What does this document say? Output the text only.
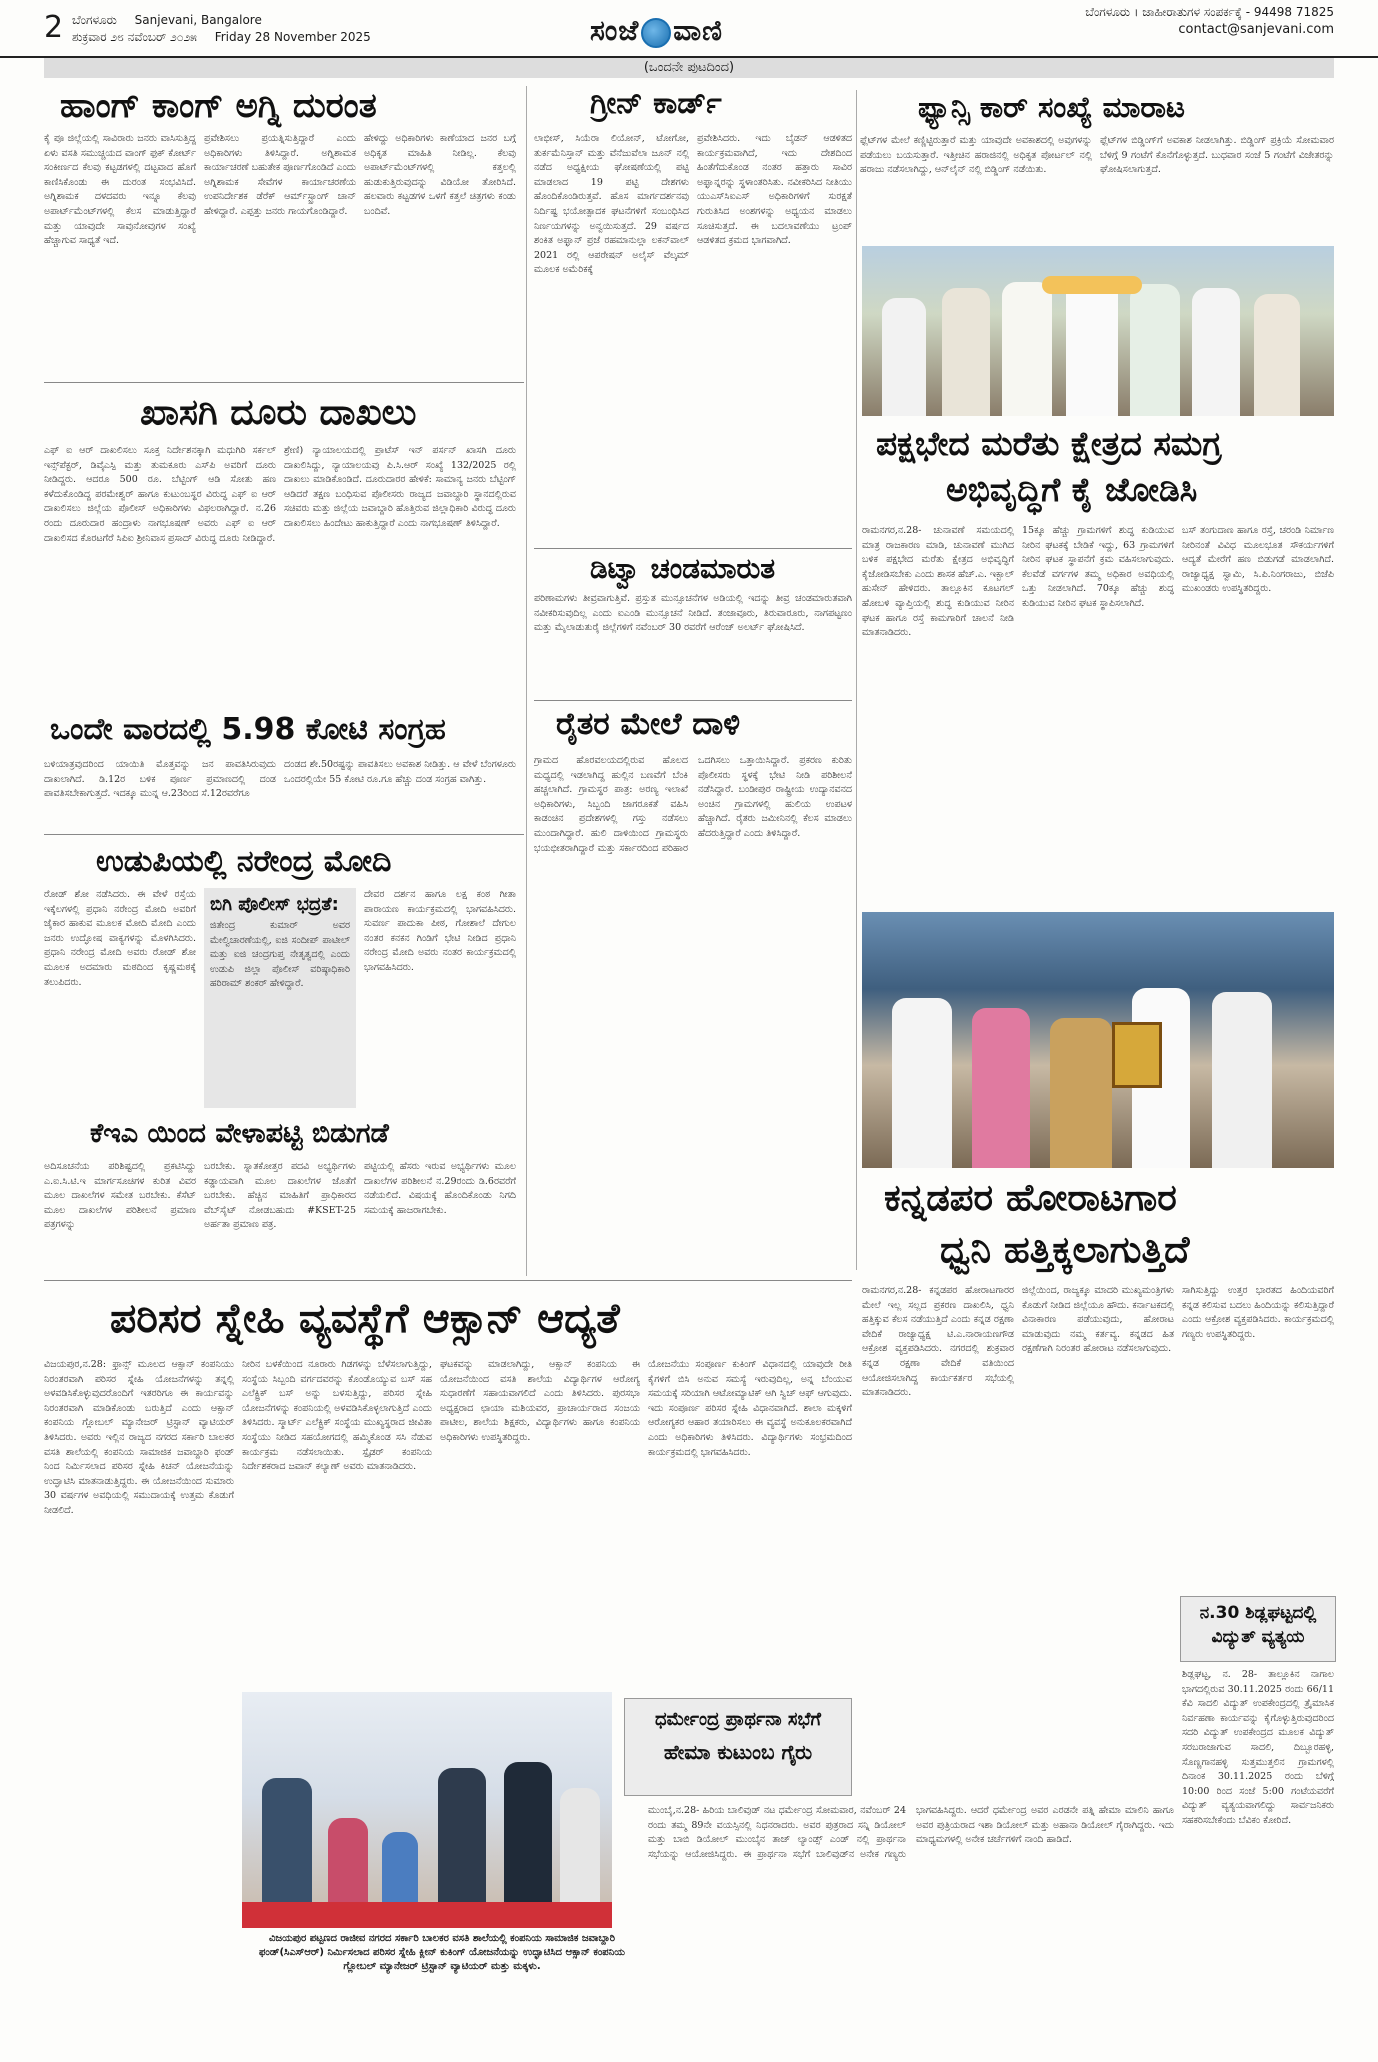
2 ಬೆಂಗಳೂರು Sanjevani, Bangalore
ಶುಕ್ರವಾರ ೨೮ ನವೆಂಬರ್ ೨೦೨೫ Friday 28 November 2025	ಸಂಜೆ ವಾಣಿ
ಬೆಂಗಳೂರು । ಜಾಹೀರಾತುಗಳ ಸಂಪರ್ಕಕ್ಕೆ - 94498 71825
contact@sanjevani.com
(ಒಂದನೇ ಪುಟದಿಂದ)
ಹಾಂಗ್ ಕಾಂಗ್ ಅಗ್ನಿ ದುರಂತ

ಕೈ ಪೂ ಜಿಲ್ಲೆಯಲ್ಲಿ ಸಾವಿರಾರು ಜನರು ವಾಸಿಸುತ್ತಿದ್ದ ಏಳು ವಸತಿ ಸಮುಚ್ಚಯದ ವಾಂಗ್ ಫುಕ್ ಕೋರ್ಟ್ ಸಂಕೀರ್ಣದ ಕೆಲವು ಕಟ್ಟಡಗಳಲ್ಲಿ ದಟ್ಟವಾದ ಹೊಗೆ ಕಾಣಿಸಿಕೊಂಡು ಈ ದುರಂತ ಸಂಭವಿಸಿದೆ. ಅಗ್ನಿಶಾಮಕ ದಳದವರು ಇನ್ನೂ ಕೆಲವು ಅಪಾರ್ಟ್‌ಮೆಂಟ್‌ಗಳಲ್ಲಿ ಕೆಲಸ ಮಾಡುತ್ತಿದ್ದಾರೆ ಮತ್ತು ಯಾವುದೇ ಸಾವುನೋವುಗಳ ಸಂಖ್ಯೆ ಹೆಚ್ಚಾಗುವ ಸಾಧ್ಯತೆ ಇದೆ.

ಪ್ರವೇಶಿಸಲು ಪ್ರಯತ್ನಿಸುತ್ತಿದ್ದಾರೆ ಎಂದು ಅಧಿಕಾರಿಗಳು ತಿಳಿಸಿದ್ದಾರೆ. ಅಗ್ನಿಶಾಮಕ ಕಾರ್ಯಾಚರಣೆ ಬಹುತೇಕ ಪೂರ್ಣಗೊಂಡಿದೆ ಎಂದು ಅಗ್ನಿಶಾಮಕ ಸೇವೆಗಳ ಕಾರ್ಯಾಚರಣೆಯ ಉಪನಿರ್ದೇಶಕ ಡೆರೆಕ್ ಆರ್ಮ್‌ಸ್ಟ್ರಾಂಗ್ ಚಾನ್ ಹೇಳಿದ್ದಾರೆ. ಎಪ್ಪತ್ತು ಜನರು ಗಾಯಗೊಂಡಿದ್ದಾರೆ.

ಹೇಳಿದ್ದು ಅಧಿಕಾರಿಗಳು ಕಾಣೆಯಾದ ಜನರ ಬಗ್ಗೆ ಅಧಿಕೃತ ಮಾಹಿತಿ ನೀಡಿಲ್ಲ. ಕೆಲವು ಅಪಾರ್ಟ್‌ಮೆಂಟ್‌ಗಳಲ್ಲಿ ಕತ್ತಲಲ್ಲಿ ಹುಡುಕುತ್ತಿರುವುದನ್ನು ವಿಡಿಯೋ ತೋರಿಸಿದೆ. ಹಲವಾರು ಕಟ್ಟಡಗಳ ಒಳಗೆ ಕತ್ತಲೆ ಚಿತ್ರಗಳು ಕಂಡು ಬಂದಿವೆ.

ಗ್ರೀನ್ ಕಾರ್ಡ್

ಲಾಭೀಸ್, ಸಿಯೆರಾ ಲಿಯೋನ್, ಟೋಗೋ, ತುರ್ಕಮೆನಿಸ್ತಾನ್ ಮತ್ತು ವೆನೆಜುವೆಲಾ ಜೂನ್ ನಲ್ಲಿ ನಡೆದ ಅಧ್ಯಕ್ಷೀಯ ಘೋಷಣೆಯಲ್ಲಿ ಪಟ್ಟಿ ಮಾಡಲಾದ 19 ಪಟ್ಟಿ ದೇಶಗಳು ಹೊಂದಿಕೊಂಡಿರುತ್ತವೆ. ಹೊಸ ಮಾರ್ಗದರ್ಶನವು ನಿರ್ದಿಷ್ಟ ಭಯೋತ್ಪಾದಕ ಘಟನೆಗಳಿಗೆ ಸಂಬಂಧಿಸಿದ ನಿರ್ಣಯಗಳನ್ನು ಅನ್ವಯಿಸುತ್ತದೆ. 29 ವರ್ಷದ ಶಂಕಿತ ಅಫ್ಘಾನ್ ಪ್ರಜೆ ರಹಮಾನುಲ್ಲಾ ಲಕನ್‌ವಾಲ್ 2021 ರಲ್ಲಿ ಆಪರೇಷನ್ ಅಲೈಸ್ ವೆಲ್ಕಮ್ ಮೂಲಕ ಅಮೆರಿಕಕ್ಕೆ

ಪ್ರವೇಶಿಸಿದರು. ಇದು ಬೈಡನ್ ಆಡಳಿತದ ಕಾರ್ಯಕ್ರಮವಾಗಿದೆ, ಇದು ದೇಶದಿಂದ ಹಿಂತೆಗೆದುಕೊಂಡ ನಂತರ ಹತ್ತಾರು ಸಾವಿರ ಅಫ್ಘಾನ್ನರನ್ನು ಸ್ಥಳಾಂತರಿಸಿತು. ನವೀಕರಿಸಿದ ನೀತಿಯು ಯುಎಸ್‌ಸಿಐಎಸ್ ಅಧಿಕಾರಿಗಳಿಗೆ ಸುರಕ್ಷತೆ ಗುರುತಿಸಿದ ಅಂಶಗಳನ್ನು ಅಧ್ಯಯನ ಮಾಡಲು ಸೂಚಿಸುತ್ತದೆ. ಈ ಬದಲಾವಣೆಯು ಟ್ರಂಪ್ ಆಡಳಿತದ ಕ್ರಮದ ಭಾಗವಾಗಿದೆ.

ಫ್ಯಾನ್ಸಿ ಕಾರ್ ಸಂಖ್ಯೆ ಮಾರಾಟ

ಫ್ಲೆಟ್‌ಗಳ ಮೇಲೆ ಕಣ್ಣಿಟ್ಟಿರುತ್ತಾರೆ ಮತ್ತು ಯಾವುದೇ ಅವಕಾಶದಲ್ಲಿ ಅವುಗಳನ್ನು ಪಡೆಯಲು ಬಯಸುತ್ತಾರೆ. ಇತ್ತೀಚಿನ ಹರಾಜಿನಲ್ಲಿ ಅಧಿಕೃತ ಪೋರ್ಟಲ್ ನಲ್ಲಿ ಹರಾಜು ನಡೆಸಲಾಗಿದ್ದು, ಆನ್‌ಲೈನ್ ನಲ್ಲಿ ಬಿಡ್ಡಿಂಗ್ ನಡೆಯಿತು.

ಫ್ಲೆಟ್‌ಗಳ ಬಿಡ್ಡಿಂಗ್‌ಗೆ ಅವಕಾಶ ನೀಡಲಾಗಿತ್ತು. ಬಿಡ್ಡಿಂಗ್ ಪ್ರಕ್ರಿಯೆ ಸೋಮವಾರ ಬೆಳಿಗ್ಗೆ 9 ಗಂಟೆಗೆ ಕೊನೆಗೊಳ್ಳುತ್ತದೆ. ಬುಧವಾರ ಸಂಜೆ 5 ಗಂಟೆಗೆ ವಿಜೇತರನ್ನು ಘೋಷಿಸಲಾಗುತ್ತದೆ.

ಪಕ್ಷಭೇದ ಮರೆತು ಕ್ಷೇತ್ರದ ಸಮಗ್ರ
ಅಭಿವೃದ್ಧಿಗೆ ಕೈ ಜೋಡಿಸಿ

ರಾಮನಗರ,ನ.28- ಚುನಾವಣೆ ಸಮಯದಲ್ಲಿ ಮಾತ್ರ ರಾಜಕಾರಣ ಮಾಡಿ, ಚುನಾವಣೆ ಮುಗಿದ ಬಳಿಕ ಪಕ್ಷಭೇದ ಮರೆತು ಕ್ಷೇತ್ರದ ಅಭಿವೃದ್ಧಿಗೆ ಕೈಜೋಡಿಸಬೇಕು ಎಂದು ಶಾಸಕ ಹೆಚ್.ಎ. ಇಕ್ಬಾಲ್ ಹುಸೇನ್ ಹೇಳಿದರು. ತಾಲ್ಲೂಕಿನ ಕೂಟಗಲ್ ಹೋಬಳಿ ವ್ಯಾಪ್ತಿಯಲ್ಲಿ ಶುದ್ಧ ಕುಡಿಯುವ ನೀರಿನ ಘಟಕ ಹಾಗೂ ರಸ್ತೆ ಕಾಮಗಾರಿಗೆ ಚಾಲನೆ ನೀಡಿ ಮಾತನಾಡಿದರು.

15ಕ್ಕೂ ಹೆಚ್ಚು ಗ್ರಾಮಗಳಿಗೆ ಶುದ್ಧ ಕುಡಿಯುವ ನೀರಿನ ಘಟಕಕ್ಕೆ ಬೇಡಿಕೆ ಇದ್ದು, 63 ಗ್ರಾಮಗಳಿಗೆ ನೀರಿನ ಘಟಕ ಸ್ಥಾಪನೆಗೆ ಕ್ರಮ ವಹಿಸಲಾಗುವುದು. ಕೆಲವೆಡೆ ವರ್ಗಗಳ ತಮ್ಮ ಅಧಿಕಾರ ಅವಧಿಯಲ್ಲಿ ಒತ್ತು ನೀಡಲಾಗಿದೆ. 70ಕ್ಕೂ ಹೆಚ್ಚು ಶುದ್ಧ ಕುಡಿಯುವ ನೀರಿನ ಘಟಕ ಸ್ಥಾಪಿಸಲಾಗಿದೆ.

ಬಸ್ ತಂಗುದಾಣ ಹಾಗೂ ರಸ್ತೆ, ಚರಂಡಿ ನಿರ್ಮಾಣ ನೀರಿನಂತೆ ವಿವಿಧ ಮೂಲಭೂತ ಸೌಕರ್ಯಗಳಿಗೆ ಆದ್ಯತೆ ಮೇರೆಗೆ ಹಣ ಬಿಡುಗಡೆ ಮಾಡಲಾಗಿದೆ. ರಾಜ್ಯಾಧ್ಯಕ್ಷ ಸ್ವಾಮಿ, ಸಿ.ಪಿ.ನಿಂಗರಾಜು, ಬಿಜೆಪಿ ಮುಖಂಡರು ಉಪಸ್ಥಿತರಿದ್ದರು.

ಕನ್ನಡಪರ ಹೋರಾಟಗಾರ
ಧ್ವನಿ ಹತ್ತಿಕ್ಕಲಾಗುತ್ತಿದೆ

ರಾಮನಗರ,ನ.28- ಕನ್ನಡಪರ ಹೋರಾಟಗಾರರ ಮೇಲೆ ಇಲ್ಲ ಸಲ್ಲದ ಪ್ರಕರಣ ದಾಖಲಿಸಿ, ಧ್ವನಿ ಹತ್ತಿಕ್ಕುವ ಕೆಲಸ ನಡೆಯುತ್ತಿದೆ ಎಂದು ಕನ್ನಡ ರಕ್ಷಣಾ ವೇದಿಕೆ ರಾಜ್ಯಾಧ್ಯಕ್ಷ ಟಿ.ಎ.ನಾರಾಯಣಗೌಡ ಆಕ್ರೋಶ ವ್ಯಕ್ತಪಡಿಸಿದರು. ನಗರದಲ್ಲಿ ಶುಕ್ರವಾರ ಕನ್ನಡ ರಕ್ಷಣಾ ವೇದಿಕೆ ವತಿಯಿಂದ ಆಯೋಜಿಸಲಾಗಿದ್ದ ಕಾರ್ಯಕರ್ತರ ಸಭೆಯಲ್ಲಿ ಮಾತನಾಡಿದರು.

ಜಿಲ್ಲೆಯಿಂದ, ರಾಜ್ಯಕ್ಕೂ ಮಾದರಿ ಮುಖ್ಯಮಂತ್ರಿಗಳು ಕೊಡುಗೆ ನೀಡಿದ ಜಿಲ್ಲೆಯೂ ಹೌದು. ಕರ್ನಾಟಕದಲ್ಲಿ ವಿನಾಕಾರಣ ಪಡೆಯುವುದು, ಹೋರಾಟ ಮಾಡುವುದು ನಮ್ಮ ಕರ್ತವ್ಯ. ಕನ್ನಡದ ಹಿತ ರಕ್ಷಣೆಗಾಗಿ ನಿರಂತರ ಹೋರಾಟ ನಡೆಸಲಾಗುವುದು.

ಸಾಗಿಸುತ್ತಿದ್ದು ಉತ್ತರ ಭಾರತದ ಹಿಂದಿಯವರಿಗೆ ಕನ್ನಡ ಕಲಿಸುವ ಬದಲು ಹಿಂದಿಯನ್ನು ಕಲಿಸುತ್ತಿದ್ದಾರೆ ಎಂದು ಆಕ್ರೋಶ ವ್ಯಕ್ತಪಡಿಸಿದರು. ಕಾರ್ಯಕ್ರಮದಲ್ಲಿ ಗಣ್ಯರು ಉಪಸ್ಥಿತರಿದ್ದರು.

ನ.30 ಶಿಡ್ಲಘಟ್ಟದಲ್ಲಿ
ವಿದ್ಯುತ್ ವ್ಯತ್ಯಯ

ಶಿಡ್ಲಘಟ್ಟ, ನ. 28- ತಾಲ್ಲೂಕಿನ ನಾಗಾಲ ಭಾಗದಲ್ಲಿರುವ 30.11.2025 ರಂದು 66/11 ಕೆವಿ ಸಾದಲಿ ವಿದ್ಯುತ್ ಉಪಕೇಂದ್ರದಲ್ಲಿ ತ್ರೈಮಾಸಿಕ ನಿರ್ವಹಣಾ ಕಾರ್ಯವನ್ನು ಕೈಗೊಳ್ಳುತ್ತಿರುವುದರಿಂದ ಸದರಿ ವಿದ್ಯುತ್ ಉಪಕೇಂದ್ರದ ಮೂಲಕ ವಿದ್ಯುತ್ ಸರಬರಾಜಾಗುವ ಸಾದಲಿ, ದಿಬ್ಬೂರಹಳ್ಳಿ, ಸೊಣ್ಣಗಾನಹಳ್ಳಿ ಸುತ್ತಮುತ್ತಲಿನ ಗ್ರಾಮಗಳಲ್ಲಿ ದಿನಾಂಕ 30.11.2025 ರಂದು ಬೆಳಿಗ್ಗೆ 10:00 ರಿಂದ ಸಂಜೆ 5:00 ಗಂಟೆಯವರೆಗೆ ವಿದ್ಯುತ್ ವ್ಯತ್ಯಯವಾಗಲಿದ್ದು ಸಾರ್ವಜನಿಕರು ಸಹಕರಿಸಬೇಕೆಂದು ಬೆವಿಕಂ ಕೋರಿದೆ.

ಖಾಸಗಿ ದೂರು ದಾಖಲು

ಎಫ್ ಐ ಆರ್ ದಾಖಲಿಸಲು ಸೂಕ್ತ ನಿರ್ದೇಶನಕ್ಕಾಗಿ ಮಧುಗಿರಿ ಸರ್ಕಲ್ ಇನ್ಸ್‌ಪೆಕ್ಟರ್, ಡಿವೈಎಸ್ಪಿ ಮತ್ತು ತುಮಕೂರು ಎಸ್‌ಪಿ ಅವರಿಗೆ ದೂರು ನೀಡಿದ್ದರು. ಆದರೂ 500 ರೂ. ಬೆಟ್ಟಿಂಗ್ ಆಡಿ ಸೋತು ಹಣ ಕಳೆದುಕೊಂಡಿದ್ದ ಪರಮೇಶ್ವರ್ ಹಾಗೂ ಕುಟುಂಬಸ್ಥರ ವಿರುದ್ಧ ಎಫ್ ಐ ಆರ್ ದಾಖಲಿಸಲು ಜಿಲ್ಲೆಯ ಪೊಲೀಸ್ ಅಧಿಕಾರಿಗಳು ವಿಫಲರಾಗಿದ್ದಾರೆ. ನ.26 ರಂದು ದೂರುದಾರ ಹಂದ್ರಾಳು ನಾಗಭೂಷಣ್ ಅವರು ಎಫ್ ಐ ಆರ್ ದಾಖಲಿಸದ ಕೊರಟಗೆರೆ ಸಿಪಿಐ ಶ್ರೀನಿವಾಸ ಪ್ರಸಾದ್ ವಿರುದ್ಧ ದೂರು ನೀಡಿದ್ದಾರೆ.

ಶ್ರೇಣಿ) ನ್ಯಾಯಾಲಯದಲ್ಲಿ ಪ್ರಾಟೆಸ್ ಇನ್ ಪರ್ಸನ್ ಖಾಸಗಿ ದೂರು ದಾಖಲಿಸಿದ್ದು, ನ್ಯಾಯಾಲಯವು ಪಿ.ಸಿ.ಆರ್ ಸಂಖ್ಯೆ 132/2025 ರಲ್ಲಿ ದಾಖಲು ಮಾಡಿಕೊಂಡಿದೆ. ದೂರುದಾರರ ಹೇಳಿಕೆ: ಸಾಮಾನ್ಯ ಜನರು ಬೆಟ್ಟಿಂಗ್ ಆಡಿದರೆ ತಕ್ಷಣ ಬಂಧಿಸುವ ಪೊಲೀಸರು ರಾಜ್ಯದ ಜವಾಬ್ದಾರಿ ಸ್ಥಾನದಲ್ಲಿರುವ ಸಚಿವರು ಮತ್ತು ಜಿಲ್ಲೆಯ ಜವಾಬ್ದಾರಿ ಹೊತ್ತಿರುವ ಜಿಲ್ಲಾಧಿಕಾರಿ ವಿರುದ್ಧ ದೂರು ದಾಖಲಿಸಲು ಹಿಂದೇಟು ಹಾಕುತ್ತಿದ್ದಾರೆ ಎಂದು ನಾಗಭೂಷಣ್ ತಿಳಿಸಿದ್ದಾರೆ.

ಒಂದೇ ವಾರದಲ್ಲಿ 5.98 ಕೋಟಿ ಸಂಗ್ರಹ

ಬಳಿಯಾತ್ರವುದರಿಂದ ಯಾಯಿತಿ ಮೊತ್ತವನ್ನು ಜನ ಪಾವತಿಸಿರುವುದು ದಾಖಲಾಗಿದೆ. ಡಿ.12ರ ಬಳಿಕ ಪೂರ್ಣ ಪ್ರಮಾಣದಲ್ಲಿ ದಂಡ ಪಾವತಿಸಬೇಕಾಗುತ್ತದೆ. ಇದಕ್ಕೂ ಮುನ್ನ ಆ.23ರಿಂದ ಸೆ.12ರವರೆಗೂ

ದಂಡದ ಶೇ.50ರಷ್ಟನ್ನು ಪಾವತಿಸಲು ಅವಕಾಶ ನೀಡಿತ್ತು. ಆ ವೇಳೆ ಬೆಂಗಳೂರು ಒಂದರಲ್ಲಿಯೇ 55 ಕೋಟಿ ರೂ.ಗೂ ಹೆಚ್ಚು ದಂಡ ಸಂಗ್ರಹ ವಾಗಿತ್ತು.

ಡಿಟ್ವಾ ಚಂಡಮಾರುತ

ಪರಿಣಾಮಗಳು ತೀವ್ರವಾಗುತ್ತಿವೆ. ಪ್ರಸ್ತುತ ಮುನ್ಸೂಚನೆಗಳ ಅಡಿಯಲ್ಲಿ ಇದನ್ನು ತೀವ್ರ ಚಂಡಮಾರುತವಾಗಿ ನವೀಕರಿಸುವುದಿಲ್ಲ ಎಂದು ಐಎಂಡಿ ಮುನ್ಸೂಚನೆ ನೀಡಿದೆ. ತಂಜಾವೂರು, ತಿರುವಾರೂರು, ನಾಗಪಟ್ಟಣಂ ಮತ್ತು ಮೈಲಾಡುತುರೈ ಜಿಲ್ಲೆಗಳಿಗೆ ನವೆಂಬರ್ 30 ರವರೆಗೆ ಆರೆಂಜ್ ಅಲರ್ಟ್ ಘೋಷಿಸಿದೆ.

ರೈತರ ಮೇಲೆ ದಾಳಿ

ಗ್ರಾಮದ ಹೊರವಲಯದಲ್ಲಿರುವ ಹೊಲದ ಮಧ್ಯದಲ್ಲಿ ಇಡಲಾಗಿದ್ದ ಹುಲ್ಲಿನ ಬಣವೆಗೆ ಬೆಂಕಿ ಹಚ್ಚಲಾಗಿದೆ. ಗ್ರಾಮಸ್ಥರ ಪಾತ್ರ: ಅರಣ್ಯ ಇಲಾಖೆ ಅಧಿಕಾರಿಗಳು, ಸಿಬ್ಬಂದಿ ಜಾಗರೂಕತೆ ವಹಿಸಿ ಕಾಡಂಚಿನ ಪ್ರದೇಶಗಳಲ್ಲಿ ಗಸ್ತು ನಡೆಸಲು ಮುಂದಾಗಿದ್ದಾರೆ. ಹುಲಿ ದಾಳಿಯಿಂದ ಗ್ರಾಮಸ್ಥರು ಭಯಭೀತರಾಗಿದ್ದಾರೆ ಮತ್ತು ಸರ್ಕಾರದಿಂದ ಪರಿಹಾರ ಒದಗಿಸಲು ಒತ್ತಾಯಿಸಿದ್ದಾರೆ. ಪ್ರಕರಣ ಕುರಿತು ಪೊಲೀಸರು ಸ್ಥಳಕ್ಕೆ ಭೇಟಿ ನೀಡಿ ಪರಿಶೀಲನೆ ನಡೆಸಿದ್ದಾರೆ. ಬಂಡೀಪುರ ರಾಷ್ಟ್ರೀಯ ಉದ್ಯಾನವನದ ಅಂಚಿನ ಗ್ರಾಮಗಳಲ್ಲಿ ಹುಲಿಯ ಉಪಟಳ ಹೆಚ್ಚಾಗಿದೆ. ರೈತರು ಜಮೀನಿನಲ್ಲಿ ಕೆಲಸ ಮಾಡಲು ಹೆದರುತ್ತಿದ್ದಾರೆ ಎಂದು ತಿಳಿಸಿದ್ದಾರೆ.

ಉಡುಪಿಯಲ್ಲಿ ನರೇಂದ್ರ ಮೋದಿ

ರೋಡ್ ಶೋ ನಡೆಸಿದರು. ಈ ವೇಳೆ ರಸ್ತೆಯ ಇಕ್ಕೆಲಗಳಲ್ಲಿ ಪ್ರಧಾನಿ ನರೇಂದ್ರ ಮೋದಿ ಅವರಿಗೆ ಜೈಕಾರ ಹಾಕುವ ಮೂಲಕ ಮೋದಿ ಮೋದಿ ಎಂದು ಜನರು ಉದ್ಘೋಷ ವಾಕ್ಯಗಳನ್ನು ಮೊಳಗಿಸಿದರು. ಪ್ರಧಾನಿ ನರೇಂದ್ರ ಮೋದಿ ಅವರು ರೋಡ್ ಶೋ ಮೂಲಕ ಅದಮಾರು ಮಠದಿಂದ ಕೃಷ್ಣಮಠಕ್ಕೆ ತಲುಪಿದರು.

ಬಿಗಿ ಪೊಲೀಸ್ ಭದ್ರತೆ:

ಜಿತೇಂದ್ರ ಕುಮಾರ್ ಅವರ ಮೇಲ್ವಿಚಾರಣೆಯಲ್ಲಿ, ಐಜಿ ಸಂದೀಪ್ ಪಾಟೀಲ್ ಮತ್ತು ಐಜಿ ಚಂದ್ರಗುಪ್ತ ನೇತೃತ್ವದಲ್ಲಿ ಎಂದು ಉಡುಪಿ ಜಿಲ್ಲಾ ಪೊಲೀಸ್ ವರಿಷ್ಠಾಧಿಕಾರಿ ಹರಿರಾಮ್ ಶಂಕರ್ ಹೇಳಿದ್ದಾರೆ.

ದೇವರ ದರ್ಶನ ಹಾಗೂ ಲಕ್ಷ ಕಂಠ ಗೀತಾ ಪಾರಾಯಣ ಕಾರ್ಯಕ್ರಮದಲ್ಲಿ ಭಾಗವಹಿಸಿದರು. ಸುವರ್ಣ ಪಾದುಕಾ ಪೀಠ, ಗೋಶಾಲೆ ದೇಗುಲ ನಂತರ ಕನಕನ ಗಿಂಡಿಗೆ ಭೇಟಿ ನೀಡಿದ ಪ್ರಧಾನಿ ನರೇಂದ್ರ ಮೋದಿ ಅವರು ನಂತರ ಕಾರ್ಯಕ್ರಮದಲ್ಲಿ ಭಾಗವಹಿಸಿದರು.

ಕೆಇಎ ಯಿಂದ ವೇಳಾಪಟ್ಟಿ ಬಿಡುಗಡೆ

ಅದಿಸೂಚನೆಯ ಪರಿಶಿಷ್ಟದಲ್ಲಿ ಪ್ರಕಟಿಸಿದ್ದು ಎ.ಐ.ಸಿ.ಟಿ.ಇ ಮಾರ್ಗಸೂಚಿಗಳ ಕುರಿತ ವಿವರ ಮೂಲ ದಾಖಲೆಗಳ ಸಮೇತ ಬರಬೇಕು. ಕೆಸೆಟ್ ಮೂಲ ದಾಖಲೆಗಳ ಪರಿಶೀಲನೆ ಪ್ರಮಾಣ ಪತ್ರಗಳನ್ನು

ಬರಬೇಕು. ಸ್ನಾತಕೋತ್ತರ ಪದವಿ ಅಭ್ಯರ್ಥಿಗಳು ಕಡ್ಡಾಯವಾಗಿ ಮೂಲ ದಾಖಲೆಗಳ ಜೊತೆಗೆ ಬರಬೇಕು. ಹೆಚ್ಚಿನ ಮಾಹಿತಿಗೆ ಪ್ರಾಧಿಕಾರದ ವೆಬ್‌ಸೈಟ್ ನೋಡಬಹುದು #KSET-25 ಅರ್ಹತಾ ಪ್ರಮಾಣ ಪತ್ರ.

ಪಟ್ಟಿಯಲ್ಲಿ ಹೆಸರು ಇರುವ ಅಭ್ಯರ್ಥಿಗಳು ಮೂಲ ದಾಖಲೆಗಳ ಪರಿಶೀಲನೆ ನ.29ರಂದು ಡಿ.6ರವರೆಗೆ ನಡೆಯಲಿದೆ. ವಿಷಯಕ್ಕೆ ಹೊಂದಿಕೊಂಡು ನಿಗದಿ ಸಮಯಕ್ಕೆ ಹಾಜರಾಗಬೇಕು.

ಪರಿಸರ ಸ್ನೇಹಿ ವ್ಯವಸ್ಥೆಗೆ ಆಕ್ಸಾನ್ ಆದ್ಯತೆ

ವಿಜಯಪುರ,ನ.28: ಫ್ರಾನ್ಸ್ ಮೂಲದ ಆಕ್ಸಾನ್ ಕಂಪನಿಯು ನಿರಂತರವಾಗಿ ಪರಿಸರ ಸ್ನೇಹಿ ಯೋಜನೆಗಳನ್ನು ತನ್ನಲ್ಲಿ ಅಳವಡಿಸಿಕೊಳ್ಳುವುದರೊಂದಿಗೆ ಇತರರಿಗೂ ಈ ಕಾರ್ಯವನ್ನು ನಿರಂತರವಾಗಿ ಮಾಡಿಕೊಂಡು ಬರುತ್ತಿದೆ ಎಂದು ಆಕ್ಸಾನ್ ಕಂಪನಿಯ ಗ್ಲೋಬಲ್ ಮ್ಯಾನೇಜರ್ ಟ್ರಿಸ್ಟಾನ್ ವ್ಯಾಟಿಯರ್ ತಿಳಿಸಿದರು. ಅವರು ಇಲ್ಲಿನ ರಾಜ್ಯದ ನಗರದ ಸರ್ಕಾರಿ ಬಾಲಕರ ವಸತಿ ಶಾಲೆಯಲ್ಲಿ ಕಂಪನಿಯ ಸಾಮಾಜಿಕ ಜವಾಬ್ದಾರಿ ಫಂಡ್ ನಿಂದ ನಿರ್ಮಿಸಲಾದ ಪರಿಸರ ಸ್ನೇಹಿ ಕಿಚನ್ ಯೋಜನೆಯನ್ನು ಉದ್ಘಾಟಿಸಿ ಮಾತನಾಡುತ್ತಿದ್ದರು. ಈ ಯೋಜನೆಯಿಂದ ಸುಮಾರು 30 ವರ್ಷಗಳ ಅವಧಿಯಲ್ಲಿ ಸಮುದಾಯಕ್ಕೆ ಉತ್ತಮ ಕೊಡುಗೆ ನೀಡಲಿದೆ.

ನೀರಿನ ಬಳಕೆಯಿಂದ ನೂರಾರು ಗಿಡಗಳನ್ನು ಬೆಳೆಸಲಾಗುತ್ತಿದ್ದು, ಸಂಸ್ಥೆಯ ಸಿಬ್ಬಂದಿ ವರ್ಗದವರನ್ನು ಕೊಂಡೊಯ್ಯುವ ಬಸ್ ಸಹ ಎಲೆಕ್ಟ್ರಿಕ್ ಬಸ್ ಅನ್ನು ಬಳಸುತ್ತಿದ್ದು, ಪರಿಸರ ಸ್ನೇಹಿ ಯೋಜನೆಗಳನ್ನು ಕಂಪನಿಯಲ್ಲಿ ಅಳವಡಿಸಿಕೊಳ್ಳಲಾಗುತ್ತಿದೆ ಎಂದು ತಿಳಿಸಿದರು. ಸ್ಮಾರ್ಟ್ ಎಲೆಕ್ಟ್ರಿಕ್ ಸಂಸ್ಥೆಯ ಮುಖ್ಯಸ್ಥರಾದ ಜೀವಿತಾ ಸಂಸ್ಥೆಯು ನೀಡಿದ ಸಹಯೋಗದಲ್ಲಿ ಹಮ್ಮಿಕೊಂಡ ಸಸಿ ನೆಡುವ ಕಾರ್ಯಕ್ರಮ ನಡೆಸಲಾಯಿತು. ಸ್ಪೈಡರ್ ಕಂಪನಿಯ ನಿರ್ದೇಶಕರಾದ ಜವಾನ್ ಕಲ್ಯಾಣ್ ಅವರು ಮಾತನಾಡಿದರು.

ಘಟಕವನ್ನು ಮಾಡಲಾಗಿದ್ದು, ಆಕ್ಸಾನ್ ಕಂಪನಿಯ ಈ ಯೋಜನೆಯಿಂದ ವಸತಿ ಶಾಲೆಯ ವಿದ್ಯಾರ್ಥಿಗಳ ಆರೋಗ್ಯ ಸುಧಾರಣೆಗೆ ಸಹಾಯವಾಗಲಿದೆ ಎಂದು ತಿಳಿಸಿದರು. ಪುರಸಭಾ ಅಧ್ಯಕ್ಷರಾದ ಛಾಯಾ ಮಶಿಯವರ, ಪ್ರಾಚಾರ್ಯರಾದ ಸಂಜಯ ಪಾಟೀಲ, ಶಾಲೆಯ ಶಿಕ್ಷಕರು, ವಿದ್ಯಾರ್ಥಿಗಳು ಹಾಗೂ ಕಂಪನಿಯ ಅಧಿಕಾರಿಗಳು ಉಪಸ್ಥಿತರಿದ್ದರು.

ಯೋಜನೆಯು ಸಂಪೂರ್ಣ ಕುಕಿಂಗ್ ವಿಧಾನದಲ್ಲಿ ಯಾವುದೇ ರೀತಿ ಕೈಗಳಿಗೆ ಬಿಸಿ ಅನುವ ಸಮಸ್ಯೆ ಇರುವುದಿಲ್ಲ, ಅನ್ನ ಬೆಂಯುವ ಸಮಯಕ್ಕೆ ಸರಿಯಾಗಿ ಆಟೋಮ್ಯಾಟಿಕ್ ಆಗಿ ಸ್ವಿಚ್ ಆಫ್ ಆಗುವುದು. ಇದು ಸಂಪೂರ್ಣ ಪರಿಸರ ಸ್ನೇಹಿ ವಿಧಾನವಾಗಿದೆ. ಶಾಲಾ ಮಕ್ಕಳಿಗೆ ಆರೋಗ್ಯಕರ ಆಹಾರ ತಯಾರಿಸಲು ಈ ವ್ಯವಸ್ಥೆ ಅನುಕೂಲಕರವಾಗಿದೆ ಎಂದು ಅಧಿಕಾರಿಗಳು ತಿಳಿಸಿದರು. ವಿದ್ಯಾರ್ಥಿಗಳು ಸಂಭ್ರಮದಿಂದ ಕಾರ್ಯಕ್ರಮದಲ್ಲಿ ಭಾಗವಹಿಸಿದರು.

ವಿಜಯಪುರ ಪಟ್ಟಣದ ರಾಜೀವ ನಗರದ ಸರ್ಕಾರಿ ಬಾಲಕರ ವಸತಿ ಶಾಲೆಯಲ್ಲಿ ಕಂಪನಿಯ ಸಾಮಾಜಿಕ ಜವಾಬ್ದಾರಿ ಫಂಡ್(ಸಿಎಸ್‌ಆರ್) ನಿರ್ಮಿಸಲಾದ ಪರಿಸರ ಸ್ನೇಹಿ ಕ್ಲೀನ್ ಕುಕಿಂಗ್ ಯೋಜನೆಯನ್ನು ಉದ್ಘಾಟಿಸಿದ ಆಕ್ಸಾನ್ ಕಂಪನಿಯ ಗ್ಲೋಬಲ್ ಮ್ಯಾನೇಜರ್ ಟ್ರಿಸ್ಟಾನ್ ವ್ಯಾಟಿಯರ್ ಮತ್ತು ಮಕ್ಕಳು.
ಧರ್ಮೇಂದ್ರ ಪ್ರಾರ್ಥನಾ ಸಭೆಗೆ
ಹೇಮಾ ಕುಟುಂಬ ಗೈರು

ಮುಂಬೈ,ನ.28- ಹಿರಿಯ ಬಾಲಿವುಡ್ ನಟ ಧರ್ಮೇಂದ್ರ ಸೋಮವಾರ, ನವೆಂಬರ್ 24 ರಂದು ತಮ್ಮ 89ನೇ ವಯಸ್ಸಿನಲ್ಲಿ ನಿಧನರಾದರು. ಅವರ ಪುತ್ರರಾದ ಸನ್ನಿ ಡಿಯೋಲ್ ಮತ್ತು ಬಾಬಿ ಡಿಯೋಲ್ ಮುಂಬೈನ ತಾಜ್ ಲ್ಯಾಂಡ್ಸ್ ಎಂಡ್ ನಲ್ಲಿ ಪ್ರಾರ್ಥನಾ ಸಭೆಯನ್ನು ಆಯೋಜಿಸಿದ್ದರು. ಈ ಪ್ರಾರ್ಥನಾ ಸಭೆಗೆ ಬಾಲಿವುಡ್‌ನ ಅನೇಕ ಗಣ್ಯರು ಭಾಗವಹಿಸಿದ್ದರು. ಆದರೆ ಧರ್ಮೇಂದ್ರ ಅವರ ಎರಡನೇ ಪತ್ನಿ ಹೇಮಾ ಮಾಲಿನಿ ಹಾಗೂ ಅವರ ಪುತ್ರಿಯರಾದ ಇಶಾ ಡಿಯೋಲ್ ಮತ್ತು ಅಹಾನಾ ಡಿಯೋಲ್ ಗೈರಾಗಿದ್ದರು. ಇದು ಮಾಧ್ಯಮಗಳಲ್ಲಿ ಅನೇಕ ಚರ್ಚೆಗಳಿಗೆ ನಾಂದಿ ಹಾಡಿದೆ.
